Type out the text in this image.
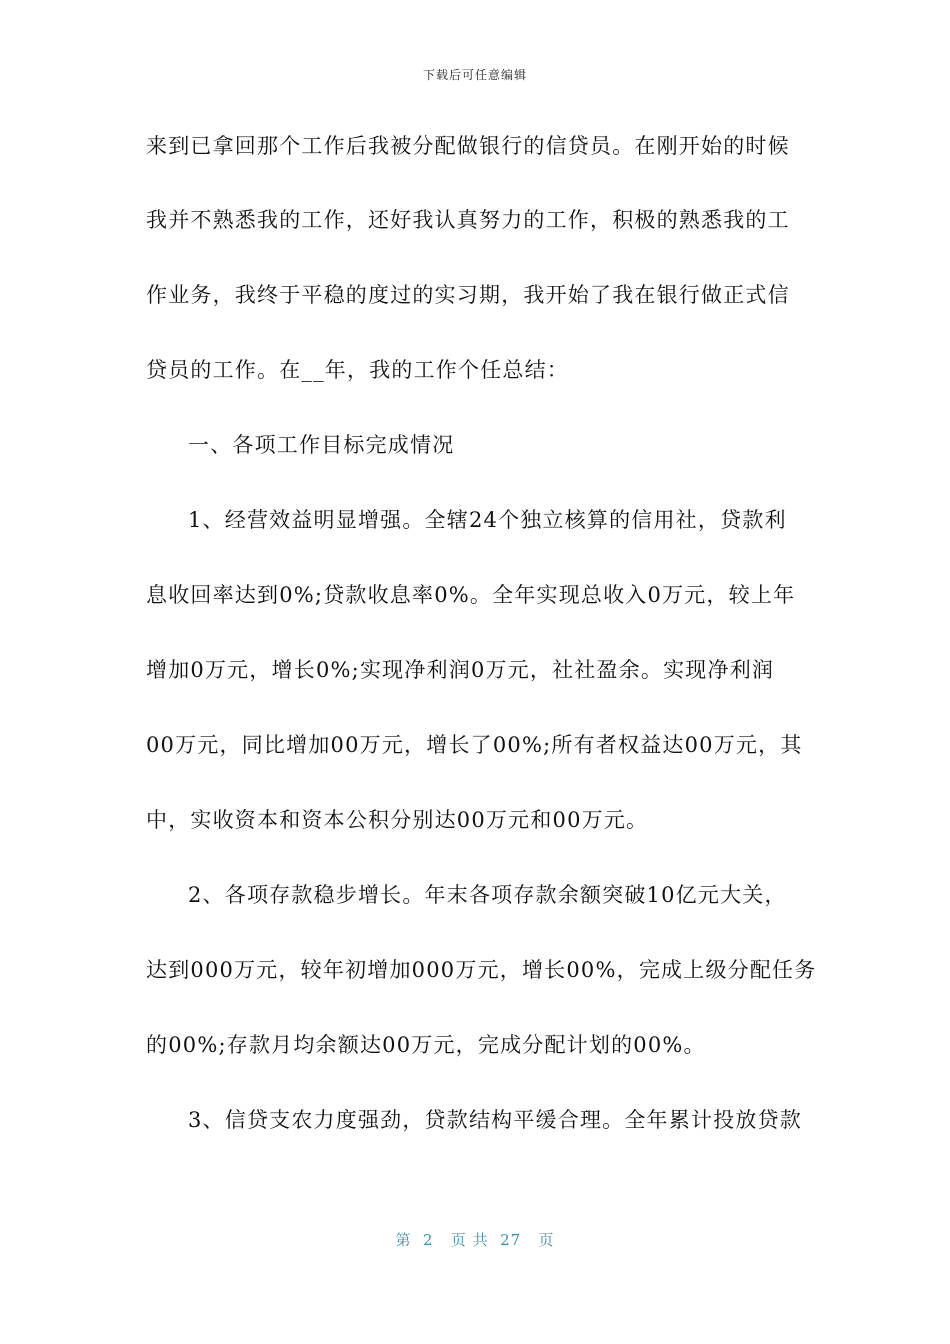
下载后可任意编辑
来到已拿回那个工作后我被分配做银行的信贷员。在刚开始的时候
我并不熟悉我的工作，还好我认真努力的工作，积极的熟悉我的工
作业务，我终于平稳的度过的实习期，我开始了我在银行做正式信
贷员的工作。在__年，我的工作个任总结：
一、各项工作目标完成情况
1、经营效益明显增强。全辖24个独立核算的信用社，贷款利
息收回率达到0%;贷款收息率0%。全年实现总收入0万元，较上年
增加0万元，增长0%;实现净利润0万元，社社盈余。实现净利润
00万元，同比增加00万元，增长了00%;所有者权益达00万元，其
中，实收资本和资本公积分别达00万元和00万元。
2、各项存款稳步增长。年末各项存款余额突破10亿元大关，
达到000万元，较年初增加000万元，增长00%，完成上级分配任务
的00%;存款月均余额达00万元，完成分配计划的00%。
3、信贷支农力度强劲，贷款结构平缓合理。全年累计投放贷款
第  2   页 共  27   页
